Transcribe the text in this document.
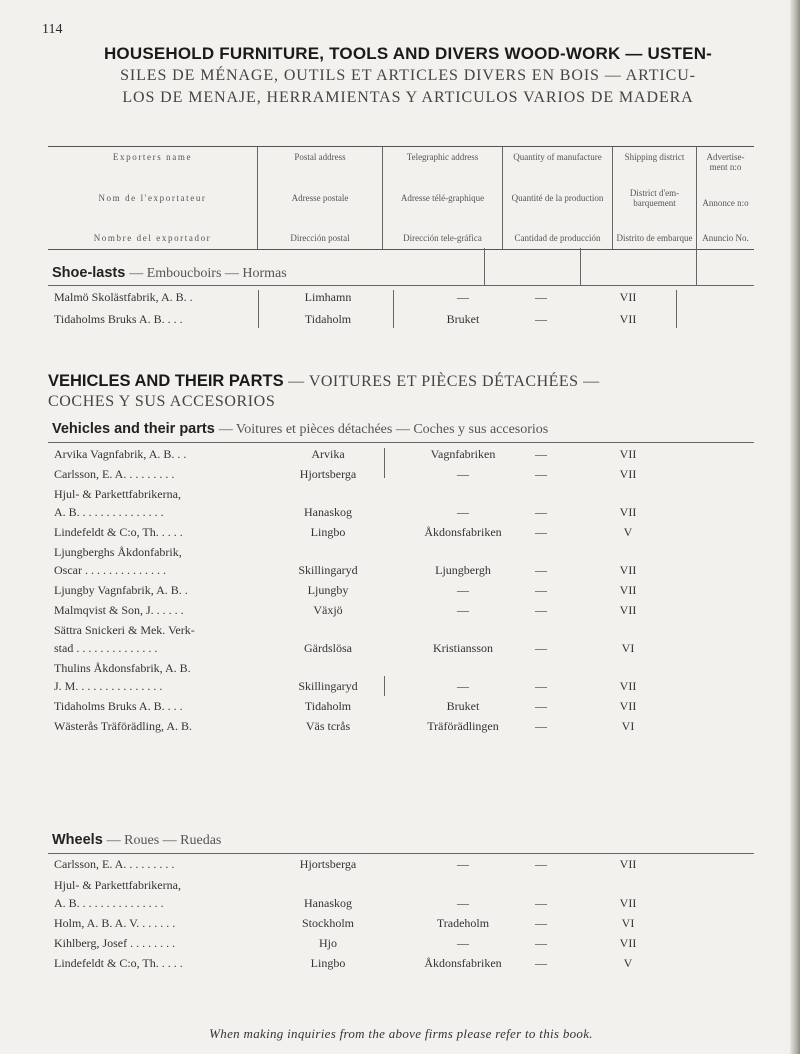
114
HOUSEHOLD FURNITURE, TOOLS AND DIVERS WOOD-WORK — USTEN-
SILES DE MÉNAGE, OUTILS ET ARTICLES DIVERS EN BOIS — ARTICU-
LOS DE MENAJE, HERRAMIENTAS Y ARTICULOS VARIOS DE MADERA
Exporters name
Nom de l'exportateur
Nombre del exportador
Postal address
Adresse postale
Dirección postal
Telegraphic address
Adresse télé-graphique
Dirección tele-gráfica
Quantity of manufacture
Quantité de la production
Cantidad de producción
Shipping district
District d'em-barquement
Distrito de embarque
Advertise-ment n:o
Annonce n:o
Anuncio No.
Shoe-lasts — Emboucboirs — Hormas
Malmö Skolästfabrik, A. B. .	Limhamn	—	—	VII
Tidaholms Bruks A. B. . . .	Tidaholm	Bruket	—	VII
VEHICLES AND THEIR PARTS — VOITURES ET PIÈCES DÉTACHÉES —
COCHES Y SUS ACCESORIOS
Vehicles and their parts — Voitures et pièces détachées — Coches y sus accesorios
Arvika Vagnfabrik, A. B. . .	Arvika	Vagnfabriken	—	VII
Carlsson, E. A. . . . . . . . .	Hjortsberga	—	—	VII
Hjul- & Parkettfabrikerna,
A. B. . . . . . . . . . . . . . .	Hanaskog	—	—	VII
Lindefeldt & C:o, Th. . . . .	Lingbo	Åkdonsfabriken	—	V
Ljungberghs Åkdonfabrik,
Oscar . . . . . . . . . . . . . .	Skillingaryd	Ljungbergh	—	VII
Ljungby Vagnfabrik, A. B. .	Ljungby	—	—	VII
Malmqvist & Son, J. . . . . .	Växjö	—	—	VII
Sättra Snickeri & Mek. Verk-
stad . . . . . . . . . . . . . .	Gärdslösa	Kristiansson	—	VI
Thulins Åkdonsfabrik, A. B.
J. M. . . . . . . . . . . . . . .	Skillingaryd	—	—	VII
Tidaholms Bruks A. B. . . .	Tidaholm	Bruket	—	VII
Wästerås Träförädling, A. B.	Väs tcrås	Träförädlingen	—	VI
Wheels — Roues — Ruedas
Carlsson, E. A. . . . . . . . .	Hjortsberga	—	—	VII
Hjul- & Parkettfabrikerna,
A. B. . . . . . . . . . . . . . .	Hanaskog	—	—	VII
Holm, A. B. A. V. . . . . . .	Stockholm	Tradeholm	—	VI
Kihlberg, Josef . . . . . . . .	Hjo	—	—	VII
Lindefeldt & C:o, Th. . . . .	Lingbo	Åkdonsfabriken	—	V
When making inquiries from the above firms please refer to this book.
